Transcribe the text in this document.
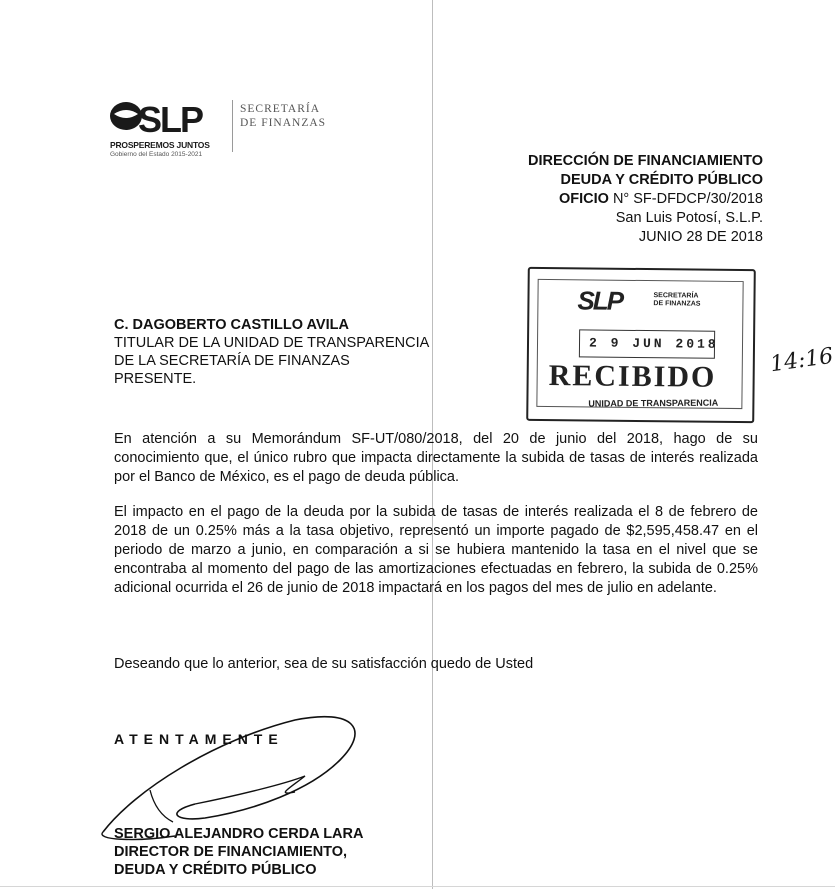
SLP
PROSPEREMOS JUNTOS
Gobierno del Estado 2015-2021
SECRETARÍA
DE FINANZAS
DIRECCIÓN DE FINANCIAMIENTO
DEUDA Y CRÉDITO PÚBLICO
OFICIO N° SF-DFDCP/30/2018
San Luis Potosí, S.L.P.
JUNIO 28 DE 2018
SLP	SECRETARÍA
DE FINANZAS
2 9 JUN 2018
RECIBIDO
UNIDAD DE TRANSPARENCIA
14:16
C. DAGOBERTO CASTILLO AVILA
TITULAR DE LA UNIDAD DE TRANSPARENCIA
DE LA SECRETARÍA DE FINANZAS
PRESENTE.
En atención a su Memorándum SF-UT/080/2018, del 20 de junio del 2018, hago de su conocimiento que, el único rubro que impacta directamente la subida de tasas de interés realizada por el Banco de México, es el pago de deuda pública.
El impacto en el pago de la deuda por la subida de tasas de interés realizada el 8 de febrero de 2018 de un 0.25% más a la tasa objetivo, representó un importe pagado de $2,595,458.47 en el periodo de marzo a junio, en comparación a si se hubiera mantenido la tasa en el nivel que se encontraba al momento del pago de las amortizaciones efectuadas en febrero, la subida de 0.25% adicional ocurrida el 26 de junio de 2018 impactará en los pagos del mes de julio en adelante.
Deseando que lo anterior, sea de su satisfacción quedo de Usted
ATENTAMENTE
SERGIO ALEJANDRO CERDA LARA
DIRECTOR DE FINANCIAMIENTO,
DEUDA Y CRÉDITO PÚBLICO
